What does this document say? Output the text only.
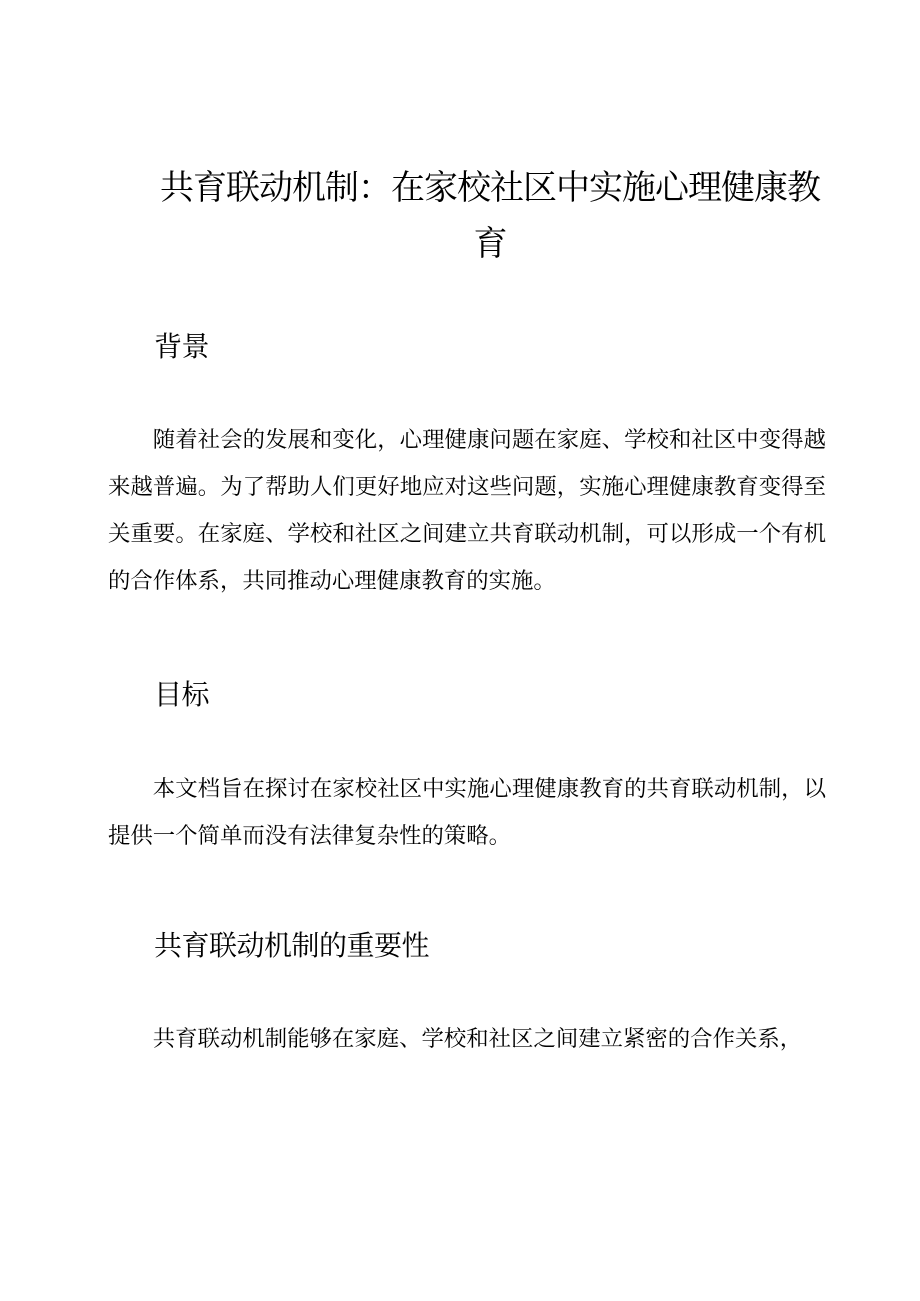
共育联动机制：在家校社区中实施心理健康教育
背景

随着社会的发展和变化，心理健康问题在家庭、学校和社区中变得越来越普遍。为了帮助人们更好地应对这些问题，实施心理健康教育变得至关重要。在家庭、学校和社区之间建立共育联动机制，可以形成一个有机的合作体系，共同推动心理健康教育的实施。

目标

本文档旨在探讨在家校社区中实施心理健康教育的共育联动机制，以提供一个简单而没有法律复杂性的策略。

共育联动机制的重要性

共育联动机制能够在家庭、学校和社区之间建立紧密的合作关系，
